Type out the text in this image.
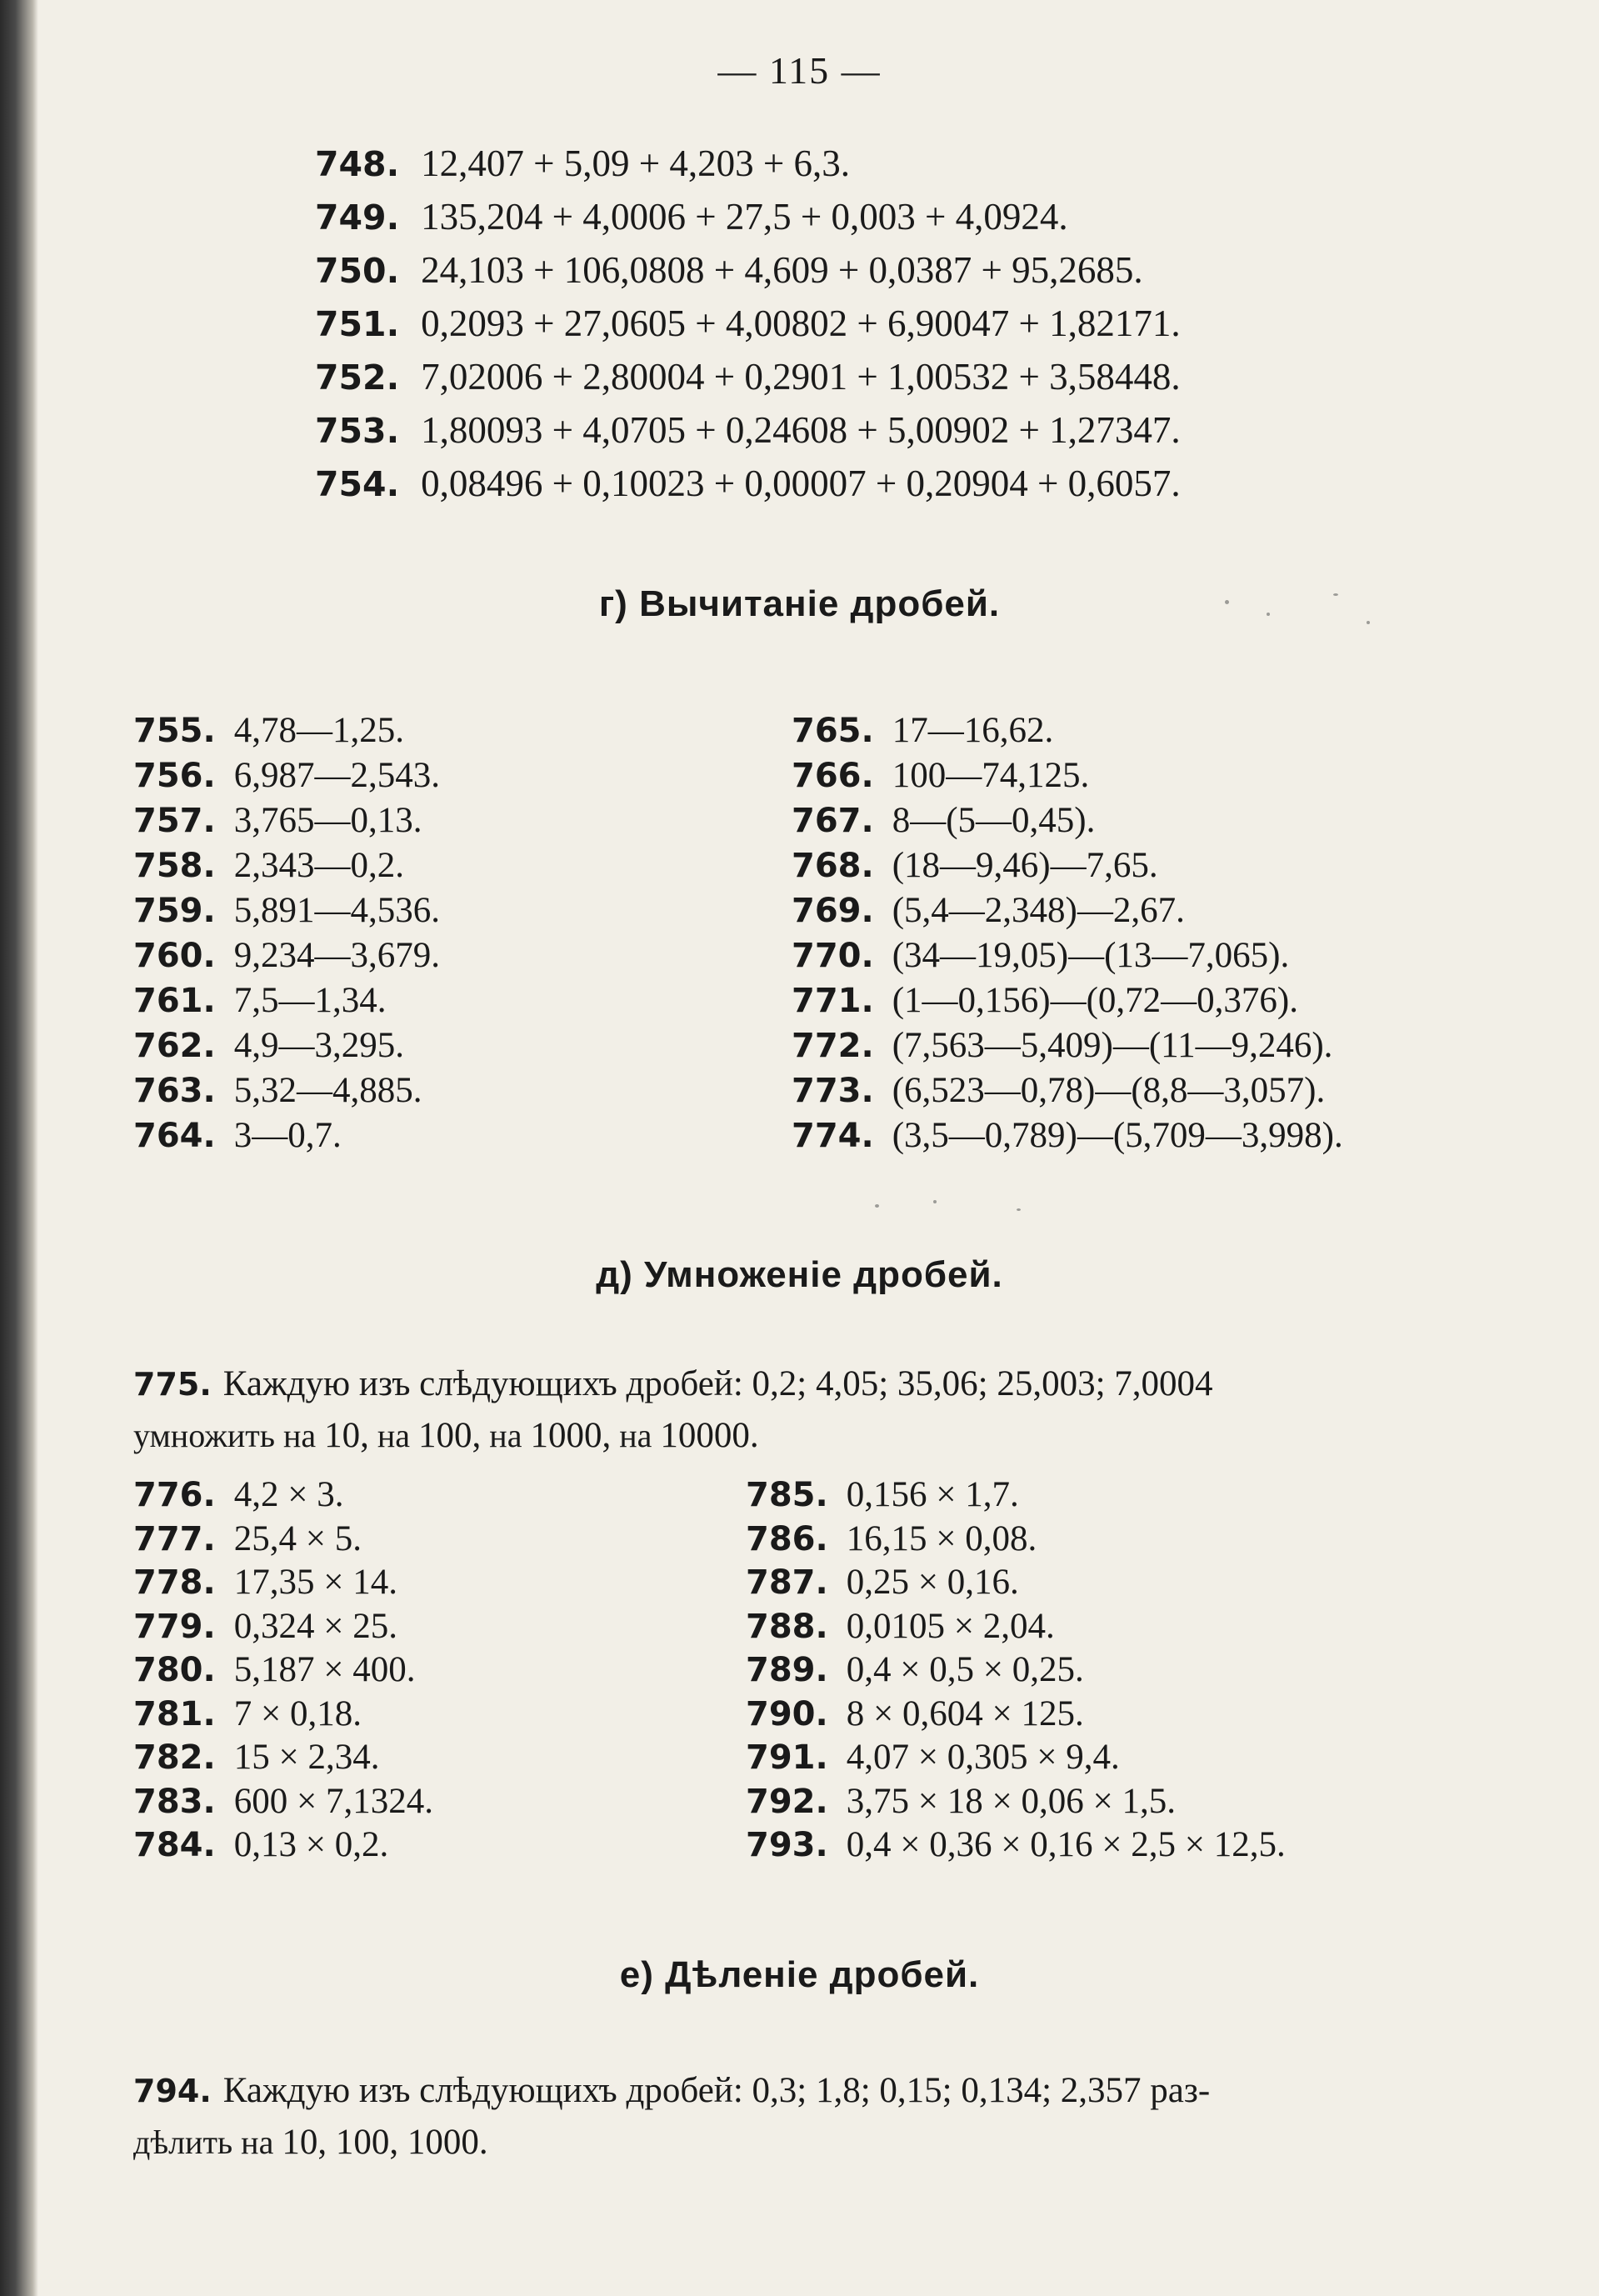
— 115 —
748. 12,407 + 5,09 + 4,203 + 6,3.
749. 135,204 + 4,0006 + 27,5 + 0,003 + 4,0924.
750. 24,103 + 106,0808 + 4,609 + 0,0387 + 95,2685.
751. 0,2093 + 27,0605 + 4,00802 + 6,90047 + 1,82171.
752. 7,02006 + 2,80004 + 0,2901 + 1,00532 + 3,58448.
753. 1,80093 + 4,0705 + 0,24608 + 5,00902 + 1,27347.
754. 0,08496 + 0,10023 + 0,00007 + 0,20904 + 0,6057.
г) Вычитаніе дробей.
755. 4,78—1,25.
756. 6,987—2,543.
757. 3,765—0,13.
758. 2,343—0,2.
759. 5,891—4,536.
760. 9,234—3,679.
761. 7,5—1,34.
762. 4,9—3,295.
763. 5,32—4,885.
764. 3—0,7.
765. 17—16,62.
766. 100—74,125.
767. 8—(5—0,45).
768. (18—9,46)—7,65.
769. (5,4—2,348)—2,67.
770. (34—19,05)—(13—7,065).
771. (1—0,156)—(0,72—0,376).
772. (7,563—5,409)—(11—9,246).
773. (6,523—0,78)—(8,8—3,057).
774. (3,5—0,789)—(5,709—3,998).
д) Умноженіе дробей.
775. Каждую изъ слѣдующихъ дробей: 0,2; 4,05; 35,06; 25,003; 7,0004
умножить на 10, на 100, на 1000, на 10000.
776. 4,2 × 3.
777. 25,4 × 5.
778. 17,35 × 14.
779. 0,324 × 25.
780. 5,187 × 400.
781. 7 × 0,18.
782. 15 × 2,34.
783. 600 × 7,1324.
784. 0,13 × 0,2.
785. 0,156 × 1,7.
786. 16,15 × 0,08.
787. 0,25 × 0,16.
788. 0,0105 × 2,04.
789. 0,4 × 0,5 × 0,25.
790. 8 × 0,604 × 125.
791. 4,07 × 0,305 × 9,4.
792. 3,75 × 18 × 0,06 × 1,5.
793. 0,4 × 0,36 × 0,16 × 2,5 × 12,5.
е) Дѣленіе дробей.
794. Каждую изъ слѣдующихъ дробей: 0,3; 1,8; 0,15; 0,134; 2,357 раз-
дѣлить на 10, 100, 1000.
